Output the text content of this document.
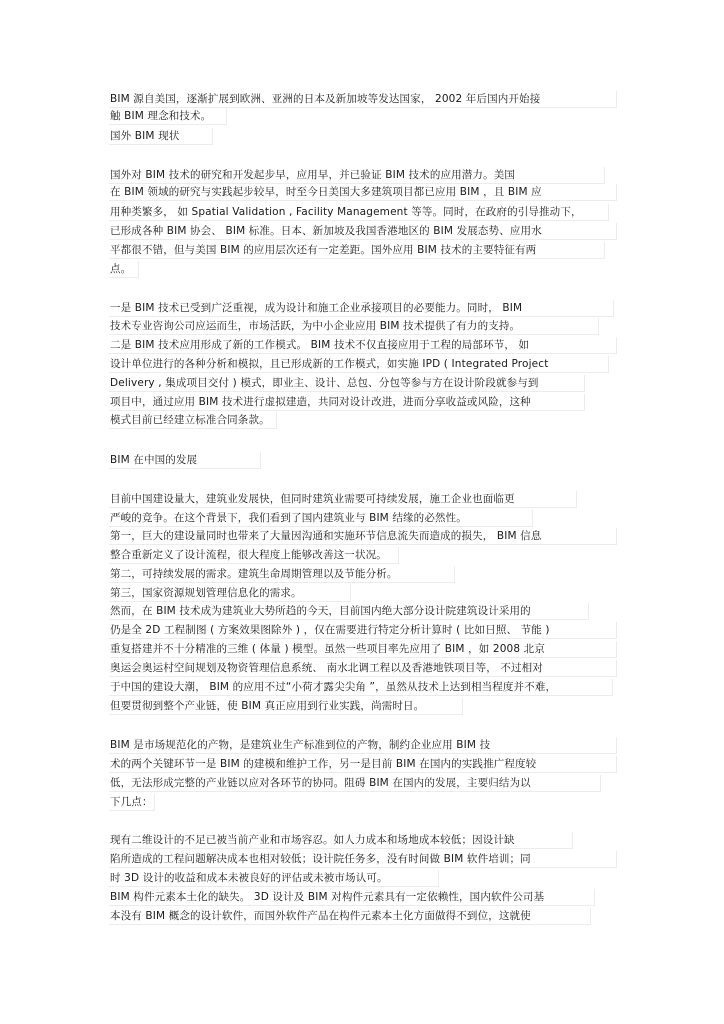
BIM 源自美国，逐渐扩展到欧洲、亚洲的日本及新加坡等发达国家， 2002 年后国内开始接
触 BIM 理念和技术。
国外 BIM 现状
国外对 BIM 技术的研究和开发起步早，应用早，并已验证 BIM 技术的应用潜力。美国
在 BIM 领域的研究与实践起步较早，时至今日美国大多建筑项目都已应用 BIM ，且 BIM 应
用种类繁多， 如 Spatial Validation , Facility Management 等等。同时，在政府的引导推动下，
已形成各种 BIM 协会、 BIM 标准。日本、新加坡及我国香港地区的 BIM 发展态势、应用水
平都很不错，但与美国 BIM 的应用层次还有一定差距。国外应用 BIM 技术的主要特征有两
点。
一是 BIM 技术已受到广泛重视，成为设计和施工企业承接项目的必要能力。同时， BIM
技术专业咨询公司应运而生，市场活跃，为中小企业应用 BIM 技术提供了有力的支持。
二是 BIM 技术应用形成了新的工作模式。 BIM 技术不仅直接应用于工程的局部环节， 如
设计单位进行的各种分析和模拟，且已形成新的工作模式，如实施 IPD ( Integrated Project
Delivery , 集成项目交付 ) 模式，即业主、设计、总包、分包等参与方在设计阶段就参与到
项目中，通过应用 BIM 技术进行虚拟建造，共同对设计改进，进而分享收益或风险，这种
模式目前已经建立标准合同条款。
BIM 在中国的发展
目前中国建设量大，建筑业发展快，但同时建筑业需要可持续发展，施工企业也面临更
严峻的竞争。在这个背景下，我们看到了国内建筑业与 BIM 结缘的必然性。
第一，巨大的建设量同时也带来了大量因沟通和实施环节信息流失而造成的损失， BIM 信息
整合重新定义了设计流程，很大程度上能够改善这一状况。
第二，可持续发展的需求。建筑生命周期管理以及节能分析。
第三，国家资源规划管理信息化的需求。
然而，在 BIM 技术成为建筑业大势所趋的今天，目前国内绝大部分设计院建筑设计采用的
仍是全 2D 工程制图 ( 方案效果图除外 ) ，仅在需要进行特定分析计算时 ( 比如日照、 节能 )
重复搭建并不十分精准的三维 ( 体量 ) 模型。虽然一些项目率先应用了 BIM ，如 2008 北京
奥运会奥运村空间规划及物资管理信息系统、 南水北调工程以及香港地铁项目等， 不过相对
于中国的建设大潮， BIM 的应用不过“小荷才露尖尖角 ”，虽然从技术上达到相当程度并不难，
但要贯彻到整个产业链，使 BIM 真正应用到行业实践，尚需时日。
BIM 是市场规范化的产物，是建筑业生产标准到位的产物，制约企业应用 BIM 技
术的两个关键环节一是 BIM 的建模和维护工作，另一是目前 BIM 在国内的实践推广程度较
低，无法形成完整的产业链以应对各环节的协同。阻碍 BIM 在国内的发展，主要归结为以
下几点：
现有二维设计的不足已被当前产业和市场容忍。如人力成本和场地成本较低；因设计缺
陷所造成的工程问题解决成本也相对较低；设计院任务多，没有时间做 BIM 软件培训；同
时 3D 设计的收益和成本未被良好的评估或未被市场认可。
BIM 构件元素本土化的缺失。 3D 设计及 BIM 对构件元素具有一定依赖性，国内软件公司基
本没有 BIM 概念的设计软件，而国外软件产品在构件元素本土化方面做得不到位，这就使
